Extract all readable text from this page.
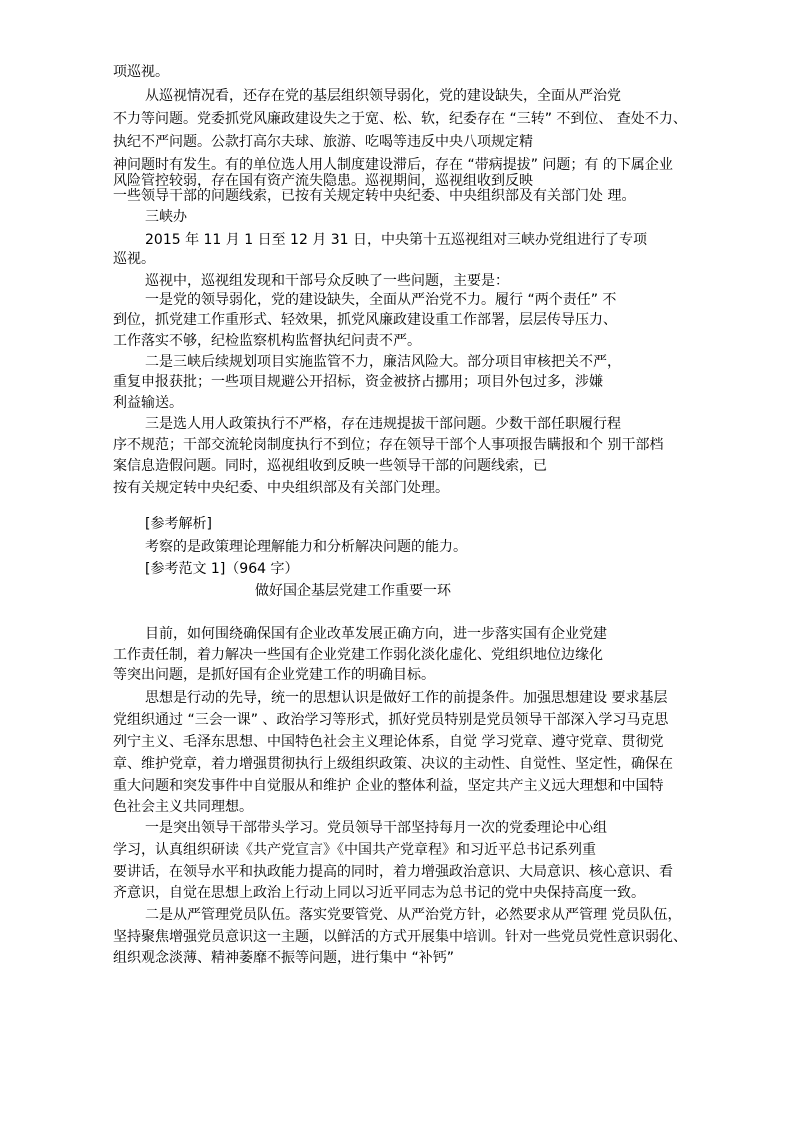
项巡视。
从巡视情况看，还存在党的基层组织领导弱化，党的建设缺失，全面从严治党
不力等问题。党委抓党风廉政建设失之于宽、松、软，纪委存在 “三转” 不到位、 查处不力、
执纪不严问题。公款打高尔夫球、旅游、吃喝等违反中央八项规定精
神问题时有发生。有的单位选人用人制度建设滞后，存在 “带病提拔” 问题；有 的下属企业
风险管控较弱，存在国有资产流失隐患。巡视期间，巡视组收到反映
一些领导干部的问题线索，已按有关规定转中央纪委、中央组织部及有关部门处 理。
三峡办
2015 年 11 月 1 日至 12 月 31 日，中央第十五巡视组对三峡办党组进行了专项
巡视。
巡视中，巡视组发现和干部号众反映了一些问题，主要是：
一是党的领导弱化，党的建设缺失，全面从严治党不力。履行 “两个责任” 不
到位，抓党建工作重形式、轻效果，抓党风廉政建设重工作部署，层层传导压力、
工作落实不够，纪检监察机构监督执纪问责不严。
二是三峡后续规划项目实施监管不力，廉洁风险大。部分项目审核把关不严，
重复申报获批；一些项目规避公开招标，资金被挤占挪用；项目外包过多，涉嫌
利益输送。
三是选人用人政策执行不严格，存在违规提拔干部问题。少数干部任职履行程
序不规范；干部交流轮岗制度执行不到位；存在领导干部个人事项报告瞒报和个 别干部档
案信息造假问题。同时，巡视组收到反映一些领导干部的问题线索，已
按有关规定转中央纪委、中央组织部及有关部门处理。
[参考解析]
考察的是政策理论理解能力和分析解决问题的能力。
[参考范文 1]（964 字）
做好国企基层党建工作重要一环
目前，如何围绕确保国有企业改革发展正确方向，进一步落实国有企业党建
工作责任制，着力解决一些国有企业党建工作弱化淡化虚化、党组织地位边缘化
等突出问题，是抓好国有企业党建工作的明确目标。
思想是行动的先导，统一的思想认识是做好工作的前提条件。加强思想建设 要求基层
党组织通过 “三会一课” 、政治学习等形式，抓好党员特别是党员领导干部深入学习马克思
列宁主义、毛泽东思想、中国特色社会主义理论体系，自觉 学习党章、遵守党章、贯彻党
章、维护党章，着力增强贯彻执行上级组织政策、决议的主动性、自觉性、坚定性，确保在
重大问题和突发事件中自觉服从和维护 企业的整体利益，坚定共产主义远大理想和中国特
色社会主义共同理想。
一是突出领导干部带头学习。党员领导干部坚持每月一次的党委理论中心组
学习，认真组织研读《共产党宣言》《中国共产党章程》和习近平总书记系列重
要讲话，在领导水平和执政能力提高的同时，着力增强政治意识、大局意识、核心意识、看
齐意识，自觉在思想上政治上行动上同以习近平同志为总书记的党中央保持高度一致。
二是从严管理党员队伍。落实党要管党、从严治党方针，必然要求从严管理 党员队伍，
坚持聚焦增强党员意识这一主题，以鲜活的方式开展集中培训。针对一些党员党性意识弱化、
组织观念淡薄、精神萎靡不振等问题，进行集中 “补钙”
